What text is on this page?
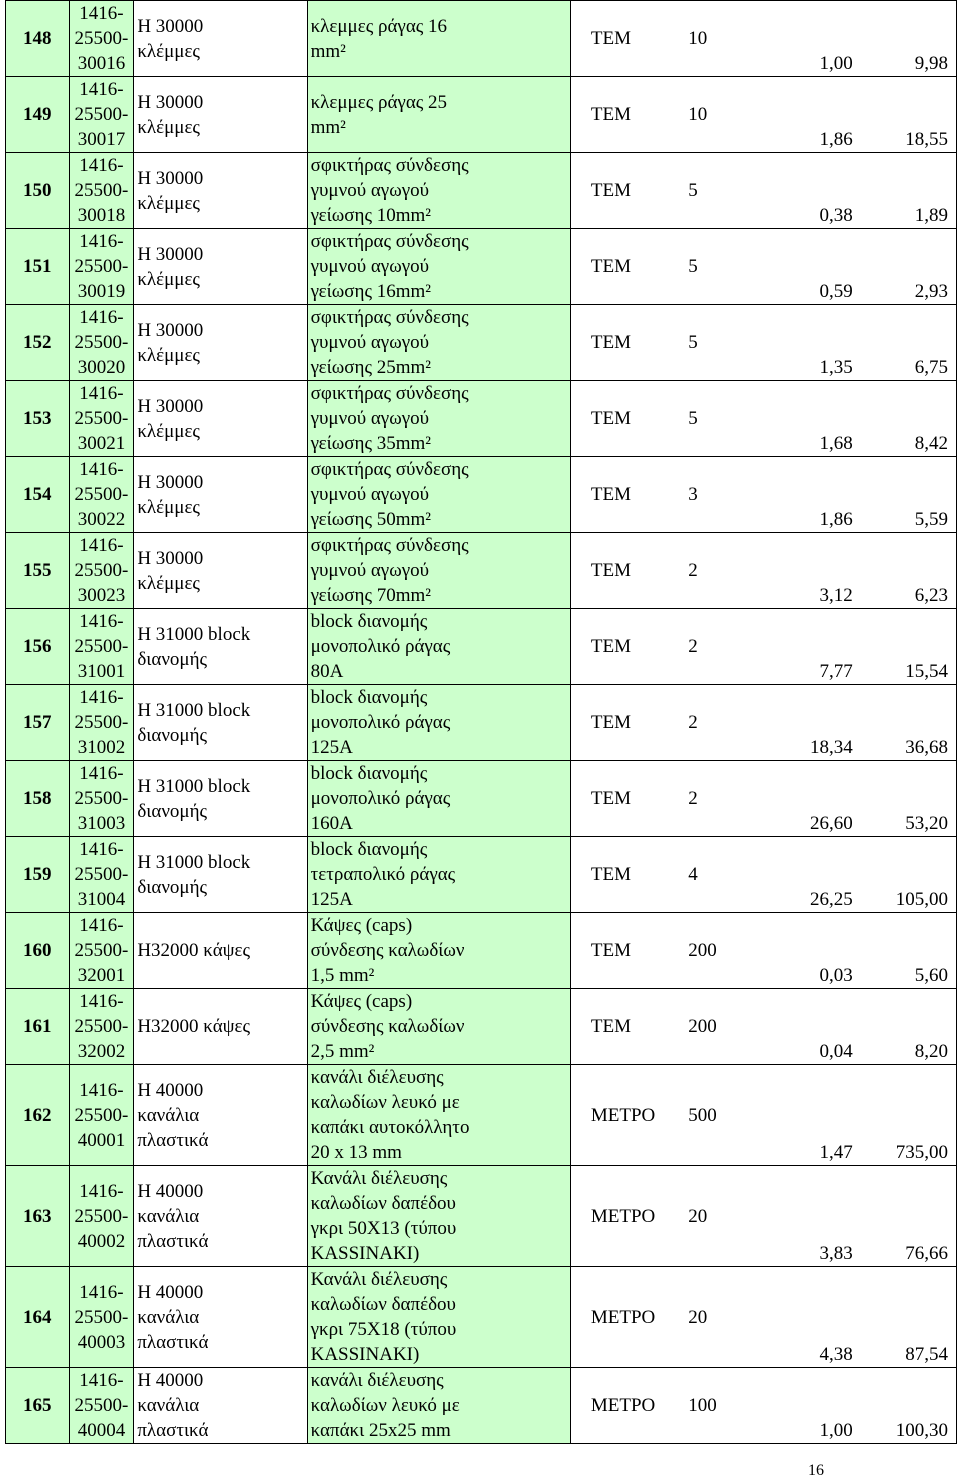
148	1416-
25500-
30016	Η 30000
κλέμμες	κλεμμες ράγας 16
mm²	ΤΕΜ	10	1,00	9,98
149	1416-
25500-
30017	Η 30000
κλέμμες	κλεμμες ράγας 25
mm²	ΤΕΜ	10	1,86	18,55
150	1416-
25500-
30018	Η 30000
κλέμμες	σφικτήρας σύνδεσης
γυμνού αγωγού
γείωσης 10mm²	ΤΕΜ	5	0,38	1,89
151	1416-
25500-
30019	Η 30000
κλέμμες	σφικτήρας σύνδεσης
γυμνού αγωγού
γείωσης 16mm²	ΤΕΜ	5	0,59	2,93
152	1416-
25500-
30020	Η 30000
κλέμμες	σφικτήρας σύνδεσης
γυμνού αγωγού
γείωσης 25mm²	ΤΕΜ	5	1,35	6,75
153	1416-
25500-
30021	Η 30000
κλέμμες	σφικτήρας σύνδεσης
γυμνού αγωγού
γείωσης 35mm²	ΤΕΜ	5	1,68	8,42
154	1416-
25500-
30022	Η 30000
κλέμμες	σφικτήρας σύνδεσης
γυμνού αγωγού
γείωσης 50mm²	ΤΕΜ	3	1,86	5,59
155	1416-
25500-
30023	Η 30000
κλέμμες	σφικτήρας σύνδεσης
γυμνού αγωγού
γείωσης 70mm²	ΤΕΜ	2	3,12	6,23
156	1416-
25500-
31001	Η 31000 block
διανομής	block διανομής
μονοπολικό ράγας
80Α	ΤΕΜ	2	7,77	15,54
157	1416-
25500-
31002	Η 31000 block
διανομής	block διανομής
μονοπολικό ράγας
125Α	ΤΕΜ	2	18,34	36,68
158	1416-
25500-
31003	Η 31000 block
διανομής	block διανομής
μονοπολικό ράγας
160Α	ΤΕΜ	2	26,60	53,20
159	1416-
25500-
31004	Η 31000 block
διανομής	block διανομής
τετραπολικό ράγας
125Α	ΤΕΜ	4	26,25	105,00
160	1416-
25500-
32001	Η32000 κάψες	Κάψες (caps)
σύνδεσης καλωδίων
1,5 mm²	ΤΕΜ	200	0,03	5,60
161	1416-
25500-
32002	Η32000 κάψες	Κάψες (caps)
σύνδεσης καλωδίων
2,5 mm²	ΤΕΜ	200	0,04	8,20
162	1416-
25500-
40001	Η 40000
κανάλια
πλαστικά	κανάλι διέλευσης
καλωδίων λευκό με
καπάκι αυτοκόλλητο
20 x 13 mm	ΜΕΤΡΟ	500	1,47	735,00
163	1416-
25500-
40002	Η 40000
κανάλια
πλαστικά	Κανάλι διέλευσης
καλωδίων δαπέδου
γκρι 50Χ13 (τύπου
KASSINAKI)	ΜΕΤΡΟ	20	3,83	76,66
164	1416-
25500-
40003	Η 40000
κανάλια
πλαστικά	Κανάλι διέλευσης
καλωδίων δαπέδου
γκρι 75Χ18 (τύπου
KASSINAKI)	ΜΕΤΡΟ	20	4,38	87,54
165	1416-
25500-
40004	Η 40000
κανάλια
πλαστικά	κανάλι διέλευσης
καλωδίων λευκό με
καπάκι 25x25 mm	ΜΕΤΡΟ	100	1,00	100,30
16
